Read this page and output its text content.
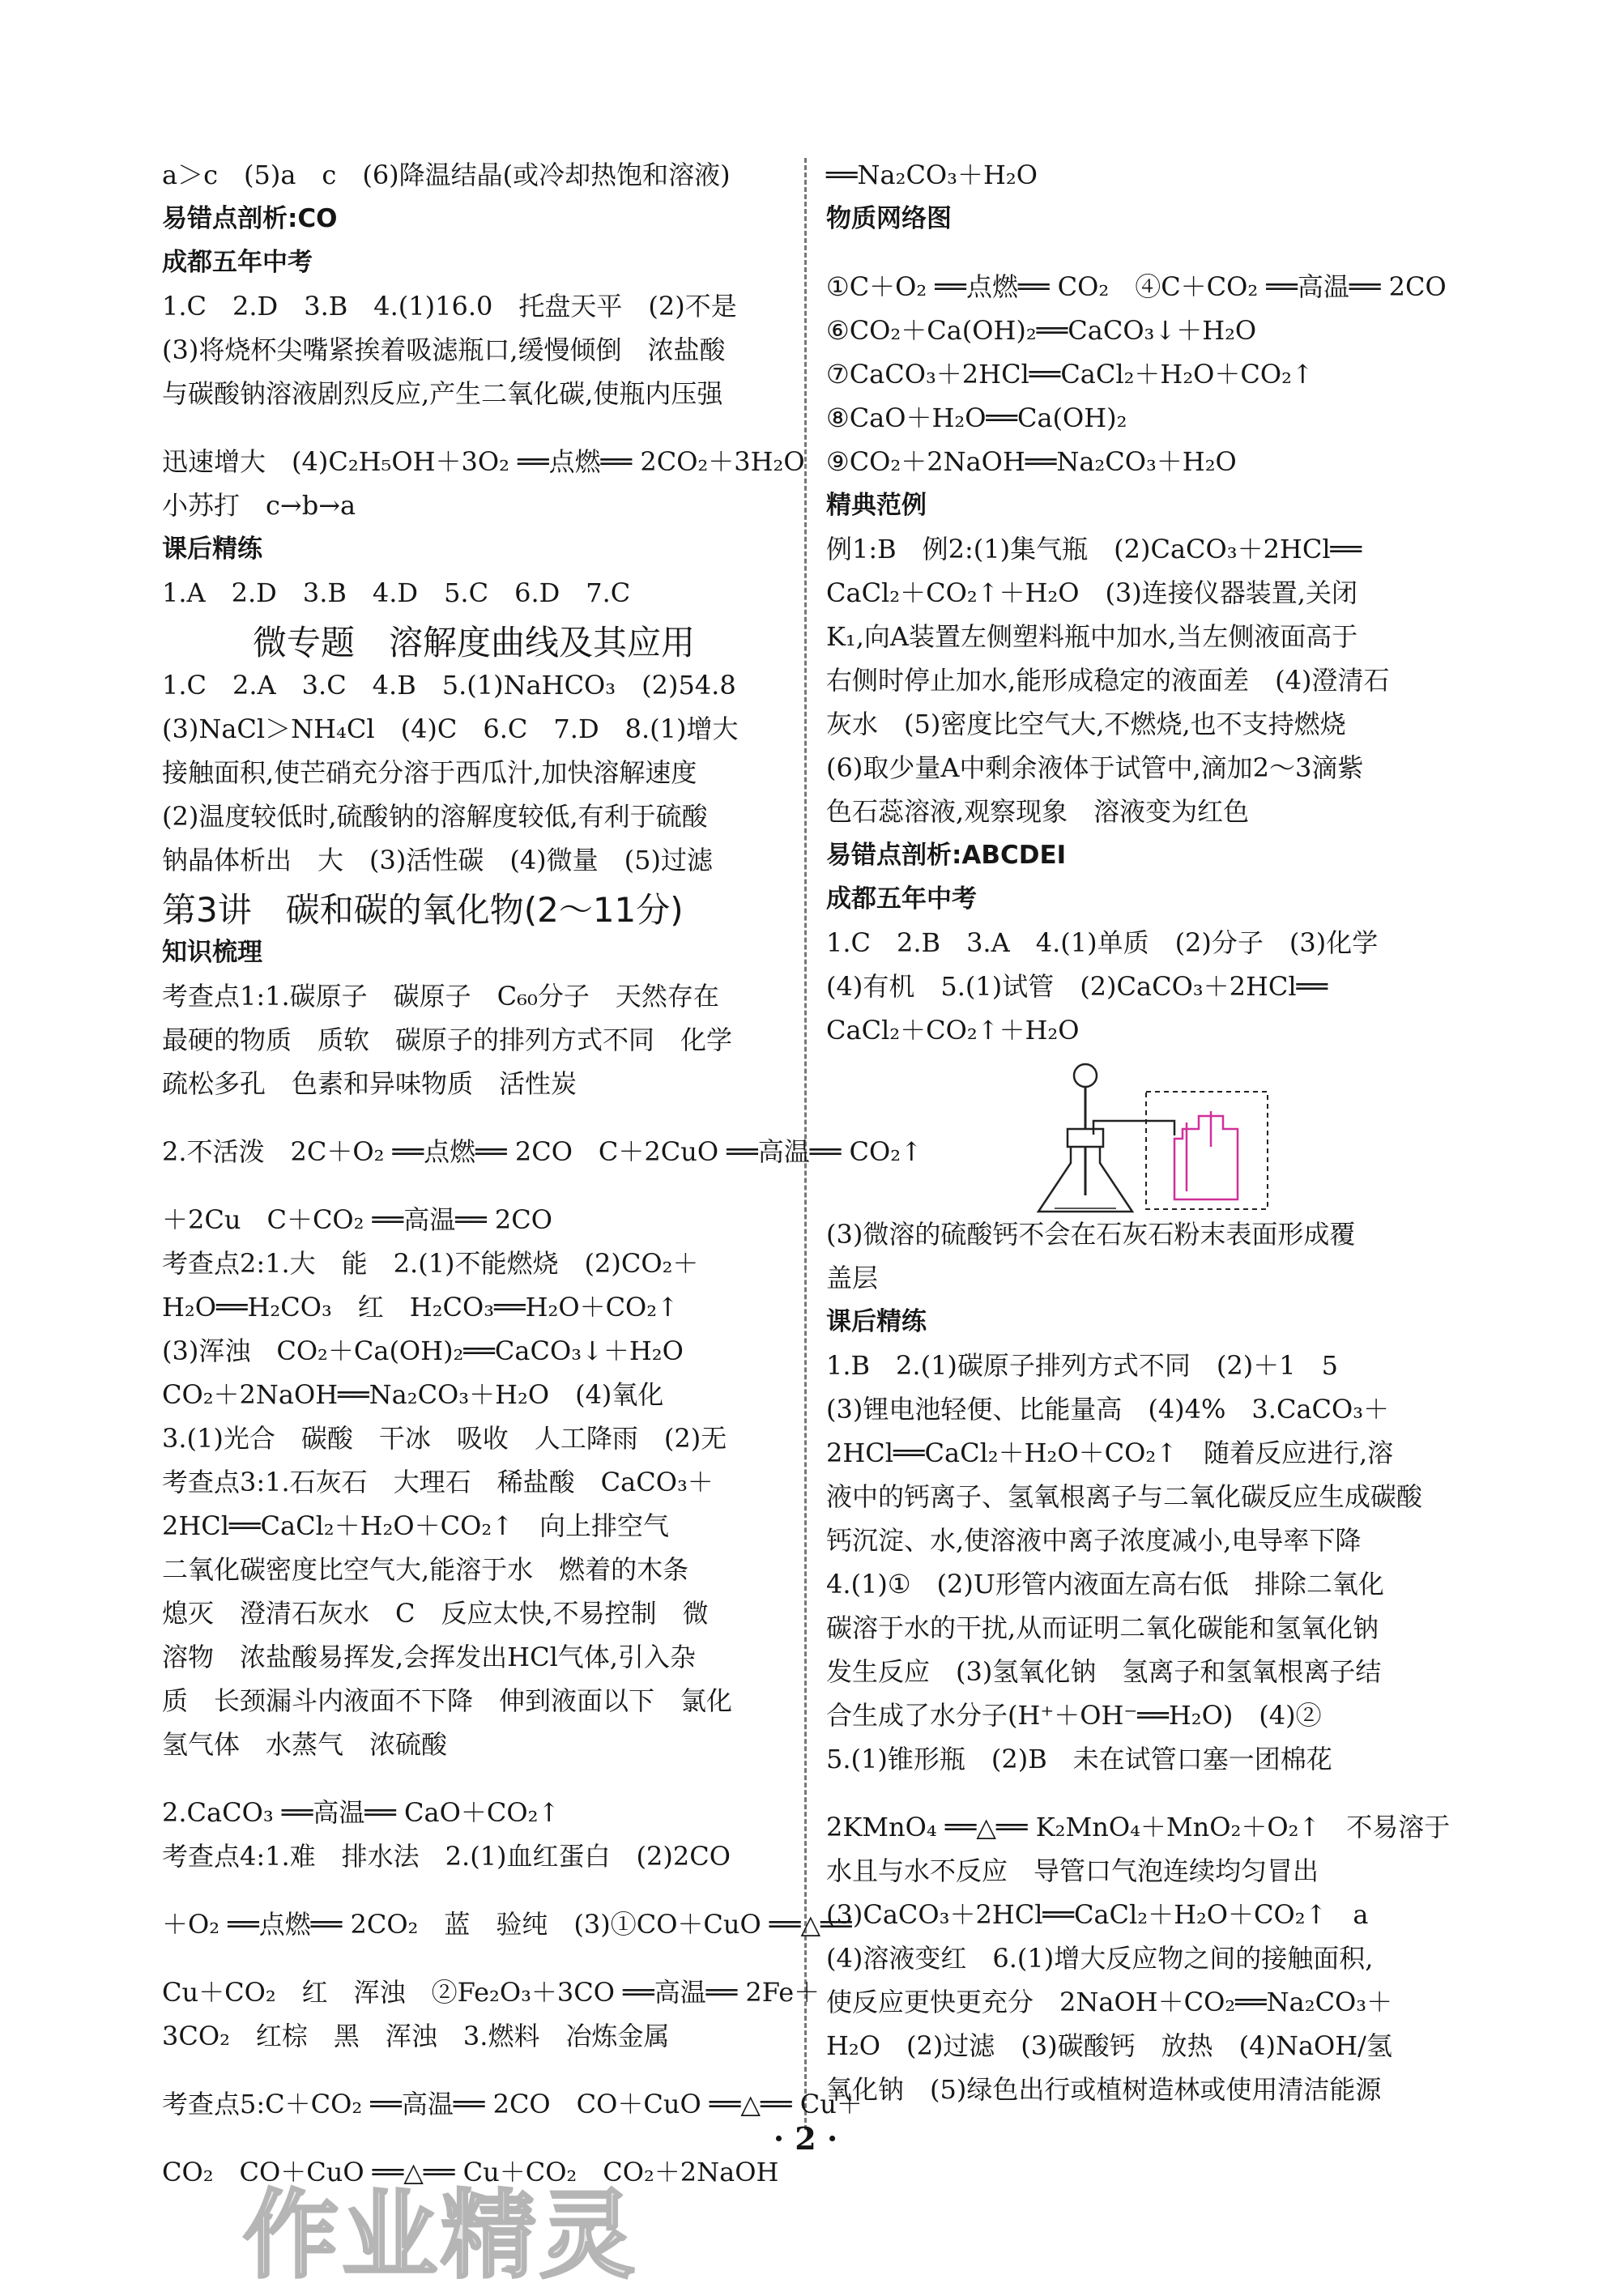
a＞c　(5)a　c　(6)降温结晶(或冷却热饱和溶液)
易错点剖析:CO
成都五年中考
1.C　2.D　3.B　4.(1)16.0　托盘天平　(2)不是
(3)将烧杯尖嘴紧挨着吸滤瓶口,缓慢倾倒　浓盐酸
与碳酸钠溶液剧烈反应,产生二氧化碳,使瓶内压强
迅速增大　(4)C₂H₅OH＋3O₂ ══点燃══ 2CO₂＋3H₂O
小苏打　c→b→a
课后精练
1.A　2.D　3.B　4.D　5.C　6.D　7.C
微专题　溶解度曲线及其应用
1.C　2.A　3.C　4.B　5.(1)NaHCO₃　(2)54.8
(3)NaCl＞NH₄Cl　(4)C　6.C　7.D　8.(1)增大
接触面积,使芒硝充分溶于西瓜汁,加快溶解速度
(2)温度较低时,硫酸钠的溶解度较低,有利于硫酸
钠晶体析出　大　(3)活性碳　(4)微量　(5)过滤
第3讲　碳和碳的氧化物(2～11分)
知识梳理
考查点1:1.碳原子　碳原子　C₆₀分子　天然存在
最硬的物质　质软　碳原子的排列方式不同　化学
疏松多孔　色素和异味物质　活性炭
2.不活泼　2C＋O₂ ══点燃══ 2CO　C＋2CuO ══高温══ CO₂↑
＋2Cu　C＋CO₂ ══高温══ 2CO
考查点2:1.大　能　2.(1)不能燃烧　(2)CO₂＋
H₂O══H₂CO₃　红　H₂CO₃══H₂O＋CO₂↑
(3)浑浊　CO₂＋Ca(OH)₂══CaCO₃↓＋H₂O
CO₂＋2NaOH══Na₂CO₃＋H₂O　(4)氧化
3.(1)光合　碳酸　干冰　吸收　人工降雨　(2)无
考查点3:1.石灰石　大理石　稀盐酸　CaCO₃＋
2HCl══CaCl₂＋H₂O＋CO₂↑　向上排空气
二氧化碳密度比空气大,能溶于水　燃着的木条
熄灭　澄清石灰水　C　反应太快,不易控制　微
溶物　浓盐酸易挥发,会挥发出HCl气体,引入杂
质　长颈漏斗内液面不下降　伸到液面以下　氯化
氢气体　水蒸气　浓硫酸
2.CaCO₃ ══高温══ CaO＋CO₂↑
考查点4:1.难　排水法　2.(1)血红蛋白　(2)2CO
＋O₂ ══点燃══ 2CO₂　蓝　验纯　(3)①CO＋CuO ══△══
Cu＋CO₂　红　浑浊　②Fe₂O₃＋3CO ══高温══ 2Fe＋
3CO₂　红棕　黑　浑浊　3.燃料　冶炼金属
考查点5:C＋CO₂ ══高温══ 2CO　CO＋CuO ══△══ Cu＋
CO₂　CO＋CuO ══△══ Cu＋CO₂　CO₂＋2NaOH
══Na₂CO₃＋H₂O
物质网络图
①C＋O₂ ══点燃══ CO₂　④C＋CO₂ ══高温══ 2CO
⑥CO₂＋Ca(OH)₂══CaCO₃↓＋H₂O
⑦CaCO₃＋2HCl══CaCl₂＋H₂O＋CO₂↑
⑧CaO＋H₂O══Ca(OH)₂
⑨CO₂＋2NaOH══Na₂CO₃＋H₂O
精典范例
例1:B　例2:(1)集气瓶　(2)CaCO₃＋2HCl══
CaCl₂＋CO₂↑＋H₂O　(3)连接仪器装置,关闭
K₁,向A装置左侧塑料瓶中加水,当左侧液面高于
右侧时停止加水,能形成稳定的液面差　(4)澄清石
灰水　(5)密度比空气大,不燃烧,也不支持燃烧
(6)取少量A中剩余液体于试管中,滴加2～3滴紫
色石蕊溶液,观察现象　溶液变为红色
易错点剖析:ABCDEI
成都五年中考
1.C　2.B　3.A　4.(1)单质　(2)分子　(3)化学
(4)有机　5.(1)试管　(2)CaCO₃＋2HCl══
CaCl₂＋CO₂↑＋H₂O
(3)微溶的硫酸钙不会在石灰石粉末表面形成覆
盖层
课后精练
1.B　2.(1)碳原子排列方式不同　(2)＋1　5
(3)锂电池轻便、比能量高　(4)4%　3.CaCO₃＋
2HCl══CaCl₂＋H₂O＋CO₂↑　随着反应进行,溶
液中的钙离子、氢氧根离子与二氧化碳反应生成碳酸
钙沉淀、水,使溶液中离子浓度减小,电导率下降
4.(1)①　(2)U形管内液面左高右低　排除二氧化
碳溶于水的干扰,从而证明二氧化碳能和氢氧化钠
发生反应　(3)氢氧化钠　氢离子和氢氧根离子结
合生成了水分子(H⁺＋OH⁻══H₂O)　(4)②
5.(1)锥形瓶　(2)B　未在试管口塞一团棉花
2KMnO₄ ══△══ K₂MnO₄＋MnO₂＋O₂↑　不易溶于
水且与水不反应　导管口气泡连续均匀冒出
(3)CaCO₃＋2HCl══CaCl₂＋H₂O＋CO₂↑　a
(4)溶液变红　6.(1)增大反应物之间的接触面积,
使反应更快更充分　2NaOH＋CO₂══Na₂CO₃＋
H₂O　(2)过滤　(3)碳酸钙　放热　(4)NaOH/氢
氧化钠　(5)绿色出行或植树造林或使用清洁能源
· 2 ·
作业精灵
